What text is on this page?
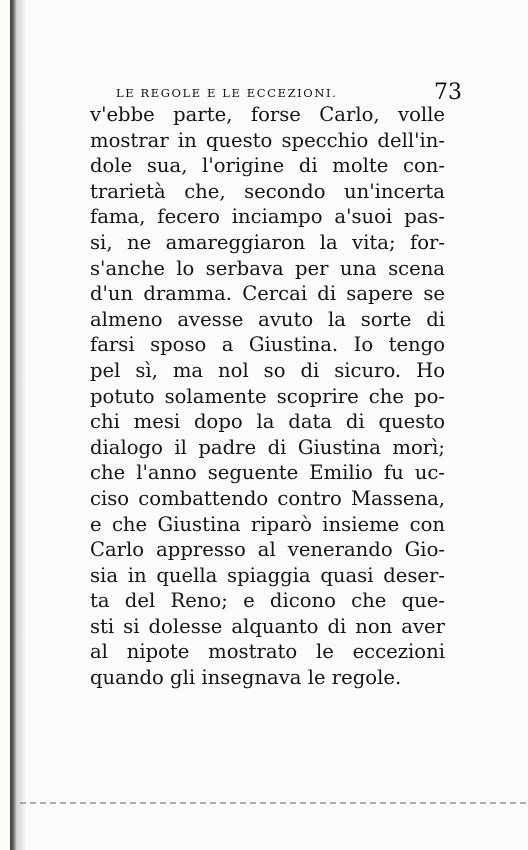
LE REGOLE E LE ECCEZIONI.	73
v'ebbe parte, forse Carlo, volle
mostrar in questo specchio dell'in-
dole sua, l'origine di molte con-
trarietà che, secondo un'incerta
fama, fecero inciampo a'suoi pas-
si, ne amareggiaron la vita; for-
s'anche lo serbava per una scena
d'un dramma. Cercai di sapere se
almeno avesse avuto la sorte di
farsi sposo a Giustina. Io tengo
pel sì, ma nol so di sicuro. Ho
potuto solamente scoprire che po-
chi mesi dopo la data di questo
dialogo il padre di Giustina morì;
che l'anno seguente Emilio fu uc-
ciso combattendo contro Massena,
e che Giustina riparò insieme con
Carlo appresso al venerando Gio-
sia in quella spiaggia quasi deser-
ta del Reno; e dicono che que-
sti si dolesse alquanto di non aver
al nipote mostrato le eccezioni
quando gli insegnava le regole.
